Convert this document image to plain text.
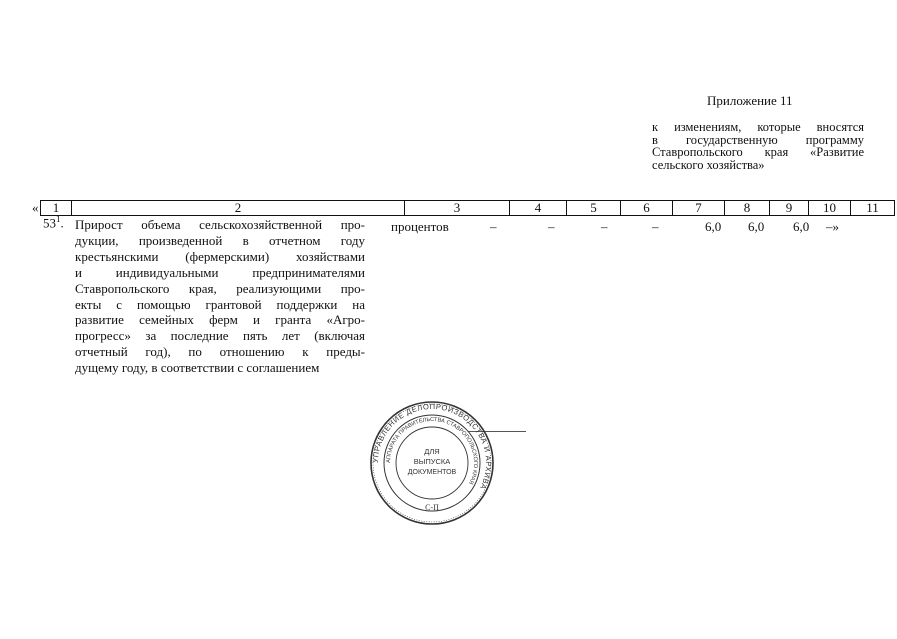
Приложение 11
к изменениям, которые вносятся
в государственную программу
Ставропольского края «Развитие
сельского хозяйства»
« 1	2	3	4	5	6	7	8	9	10	11
$53^1$. Прирост объема сельскохозяйственной про-
дукции, произведенной в отчетном году
крестьянскими (фермерскими) хозяйствами
и индивидуальными предпринимателями
Ставропольского края, реализующими про-
екты с помощью грантовой поддержки на
развитие семейных ферм и гранта «Агро-
прогресс» за последние пять лет (включая
отчетный год), по отношению к преды-
дущему году, в соответствии с соглашением
процентов	–	–	–	–	6,0 6,0 6,0 –»
УПРАВЛЕНИЕ ДЕЛОПРОИЗВОДСТВА И АРХИВА
АППАРАТА ПРАВИТЕЛЬСТВА СТАВРОПОЛЬСКОГО КРАЯ
ДЛЯ
ВЫПУСКА
ДОКУМЕНТОВ
С-П
